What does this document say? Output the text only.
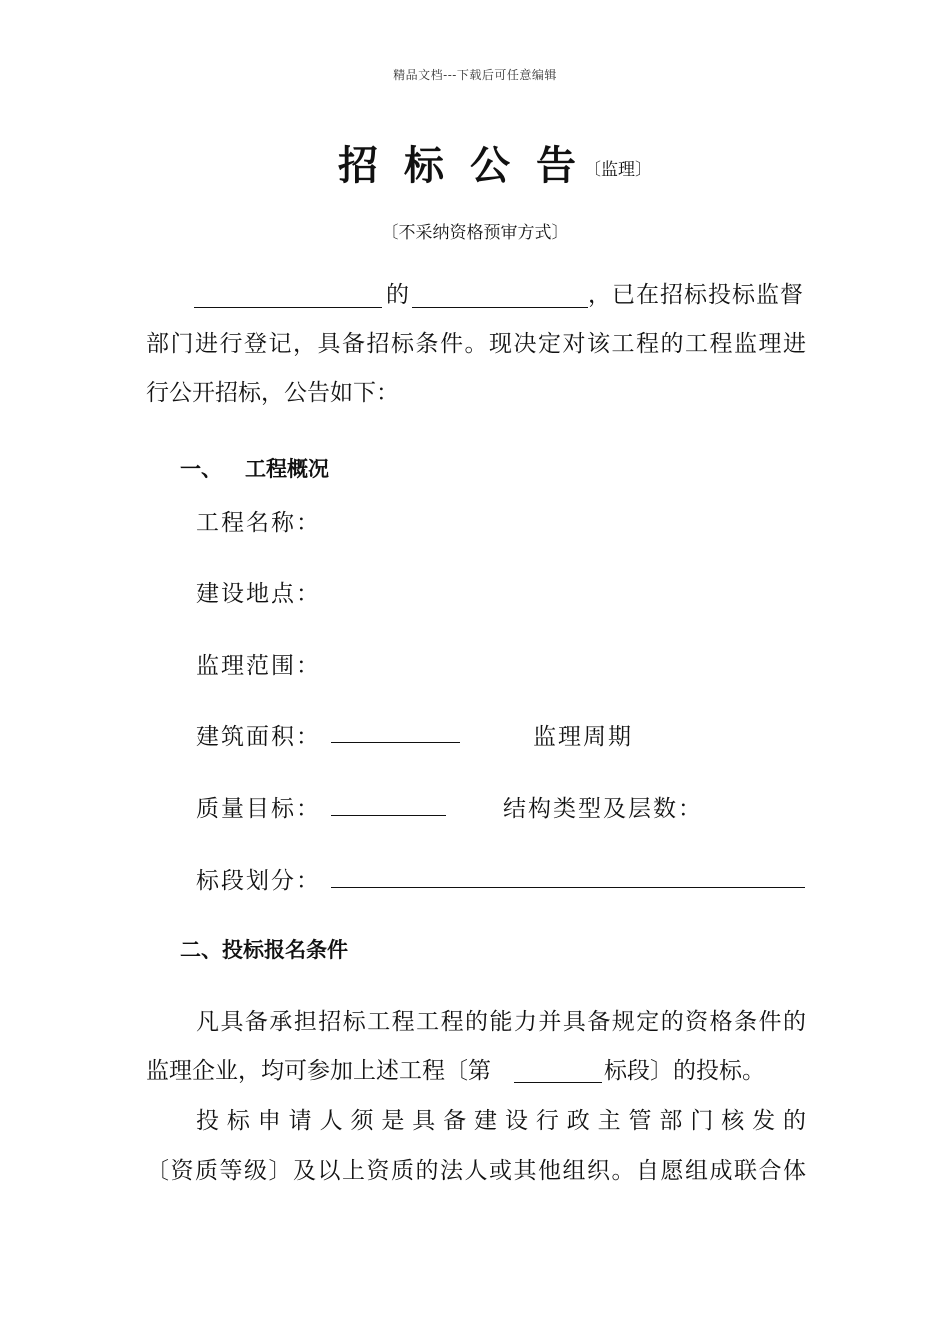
精品文档---下载后可任意编辑
招标公告〔监理〕
〔不采纳资格预审方式〕
的	，已在招标投标监督
部门进行登记，具备招标条件。现决定对该工程的工程监理进
行公开招标，公告如下：
一、 工程概况
工程名称：
建设地点：
监理范围：
建筑面积：	监理周期
质量目标：	结构类型及层数：
标段划分：
二、投标报名条件
凡具备承担招标工程工程的能力并具备规定的资格条件的
监理企业，均可参加上述工程〔第	标段〕的投标。
投标申请人须是具备建设行政主管部门核发的
〔资质等级〕及以上资质的法人或其他组织。自愿组成联合体
